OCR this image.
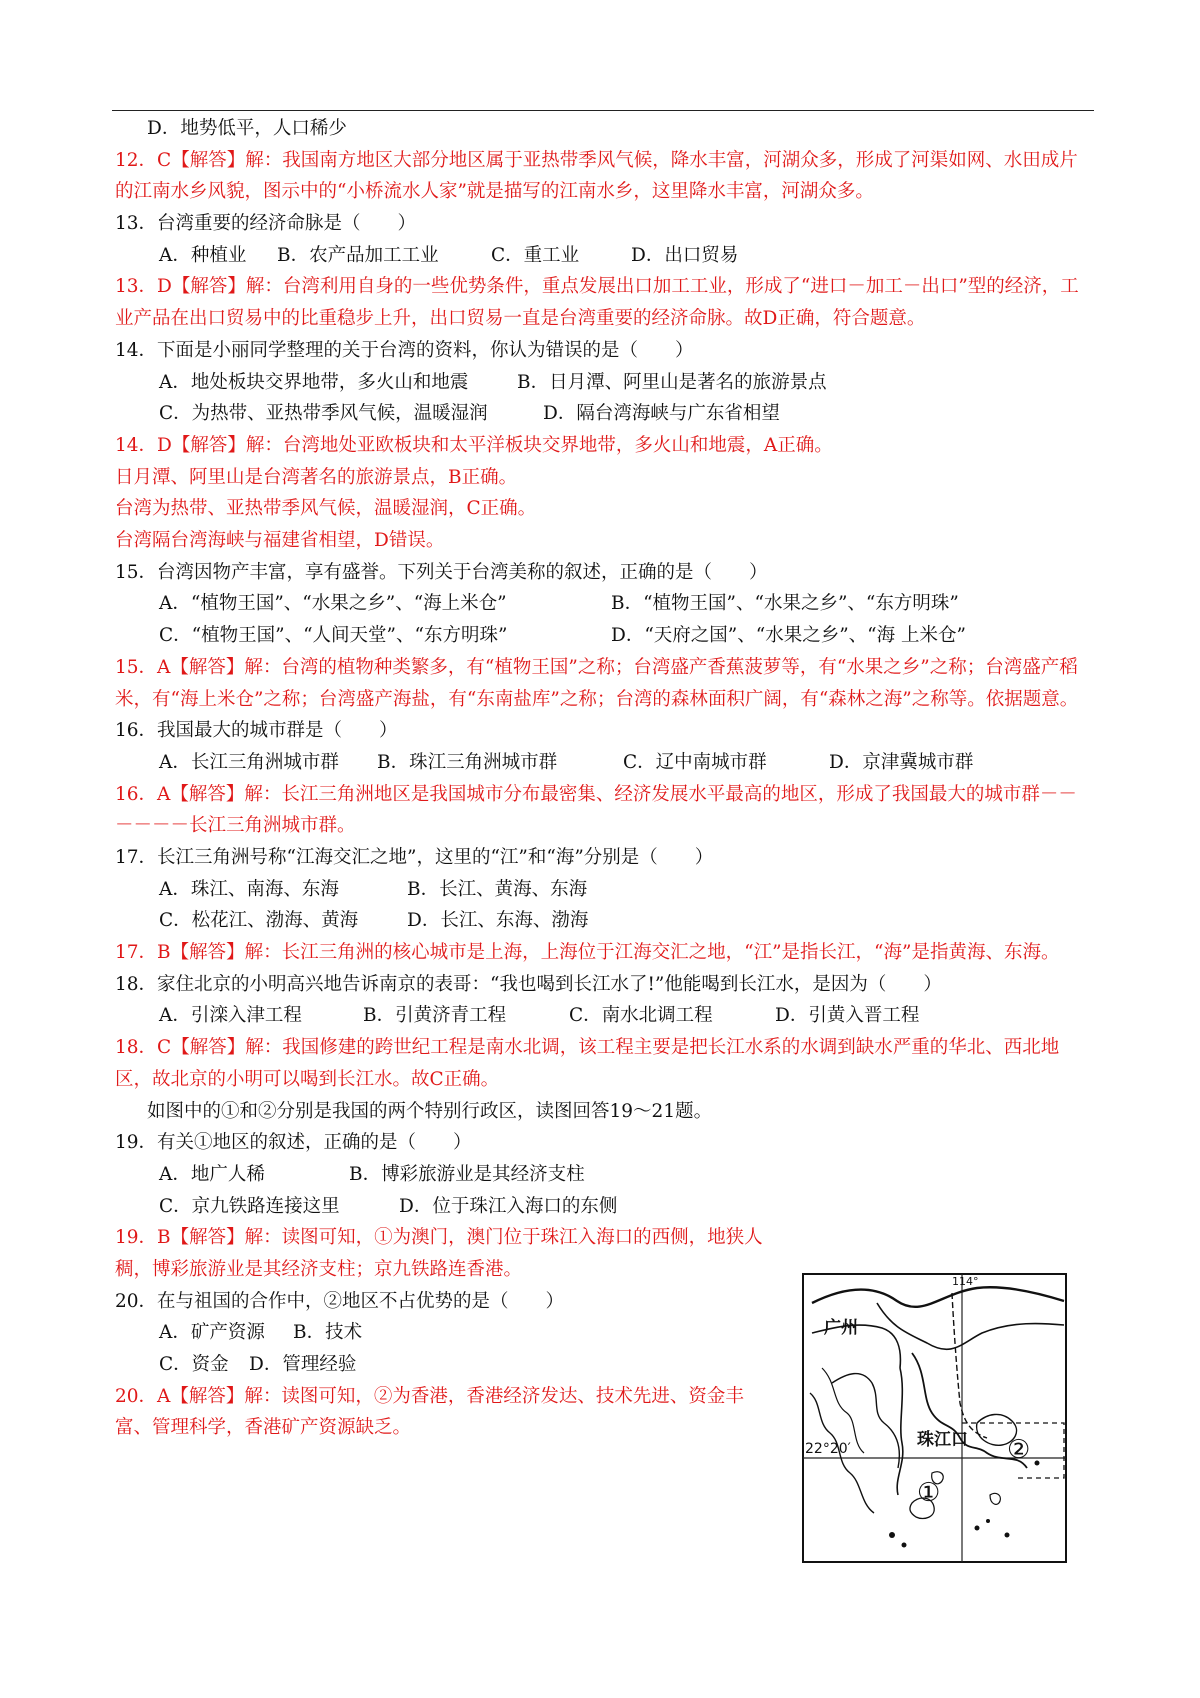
D．地势低平，人口稀少
12．C【解答】解：我国南方地区大部分地区属于亚热带季风气候，降水丰富，河湖众多，形成了河渠如网、水田成片的江南水乡风貌，图示中的“小桥流水人家”就是描写的江南水乡，这里降水丰富，河湖众多。
13．台湾重要的经济命脉是（　　）
A．种植业	B．农产品加工工业	C．重工业	D．出口贸易
13．D【解答】解：台湾利用自身的一些优势条件，重点发展出口加工工业，形成了“进口－加工－出口”型的经济，工业产品在出口贸易中的比重稳步上升，出口贸易一直是台湾重要的经济命脉。故D正确，符合题意。
14．下面是小丽同学整理的关于台湾的资料，你认为错误的是（　　）
A．地处板块交界地带，多火山和地震	B．日月潭、阿里山是著名的旅游景点
C．为热带、亚热带季风气候，温暖湿润	D．隔台湾海峡与广东省相望
14．D【解答】解：台湾地处亚欧板块和太平洋板块交界地带，多火山和地震，A正确。
日月潭、阿里山是台湾著名的旅游景点，B正确。
台湾为热带、亚热带季风气候，温暖湿润，C正确。
台湾隔台湾海峡与福建省相望，D错误。
15．台湾因物产丰富，享有盛誉。下列关于台湾美称的叙述，正确的是（　　）
A．“植物王国”、“水果之乡”、“海上米仓”	B．“植物王国”、“水果之乡”、“东方明珠”
C．“植物王国”、“人间天堂”、“东方明珠”	D．“天府之国”、“水果之乡”、“海 上米仓”
15．A【解答】解：台湾的植物种类繁多，有“植物王国”之称；台湾盛产香蕉菠萝等，有“水果之乡”之称；台湾盛产稻米，有“海上米仓”之称；台湾盛产海盐，有“东南盐库”之称；台湾的森林面积广阔，有“森林之海”之称等。依据题意。
16．我国最大的城市群是（　　）
A．长江三角洲城市群	B．珠江三角洲城市群	C．辽中南城市群	D．京津冀城市群
16．A【解答】解：长江三角洲地区是我国城市分布最密集、经济发展水平最高的地区，形成了我国最大的城市群－－－－－－长江三角洲城市群。
17．长江三角洲号称“江海交汇之地”，这里的“江”和“海”分别是（　　）
A．珠江、南海、东海	B．长江、黄海、东海
C．松花江、渤海、黄海	D．长江、东海、渤海
17．B【解答】解：长江三角洲的核心城市是上海，上海位于江海交汇之地，“江”是指长江，“海”是指黄海、东海。
18．家住北京的小明高兴地告诉南京的表哥：“我也喝到长江水了!”他能喝到长江水，是因为（　　）
A．引滦入津工程	B．引黄济青工程	C．南水北调工程	D．引黄入晋工程
18．C【解答】解：我国修建的跨世纪工程是南水北调，该工程主要是把长江水系的水调到缺水严重的华北、西北地区，故北京的小明可以喝到长江水。故C正确。
如图中的①和②分别是我国的两个特别行政区，读图回答19～21题。
19．有关①地区的叙述，正确的是（　　）
A．地广人稀	B．博彩旅游业是其经济支柱
C．京九铁路连接这里	D．位于珠江入海口的东侧
19．B【解答】解：读图可知，①为澳门，澳门位于珠江入海口的西侧，地狭人稠，博彩旅游业是其经济支柱；京九铁路连香港。
20．在与祖国的合作中，②地区不占优势的是（　　）
A．矿产资源	B．技术
C．资金	D．管理经验
20．A【解答】解：读图可知，②为香港，香港经济发达、技术先进、资金丰富、管理科学，香港矿产资源缺乏。
114°
广州
珠江口
22°20′
①
②
